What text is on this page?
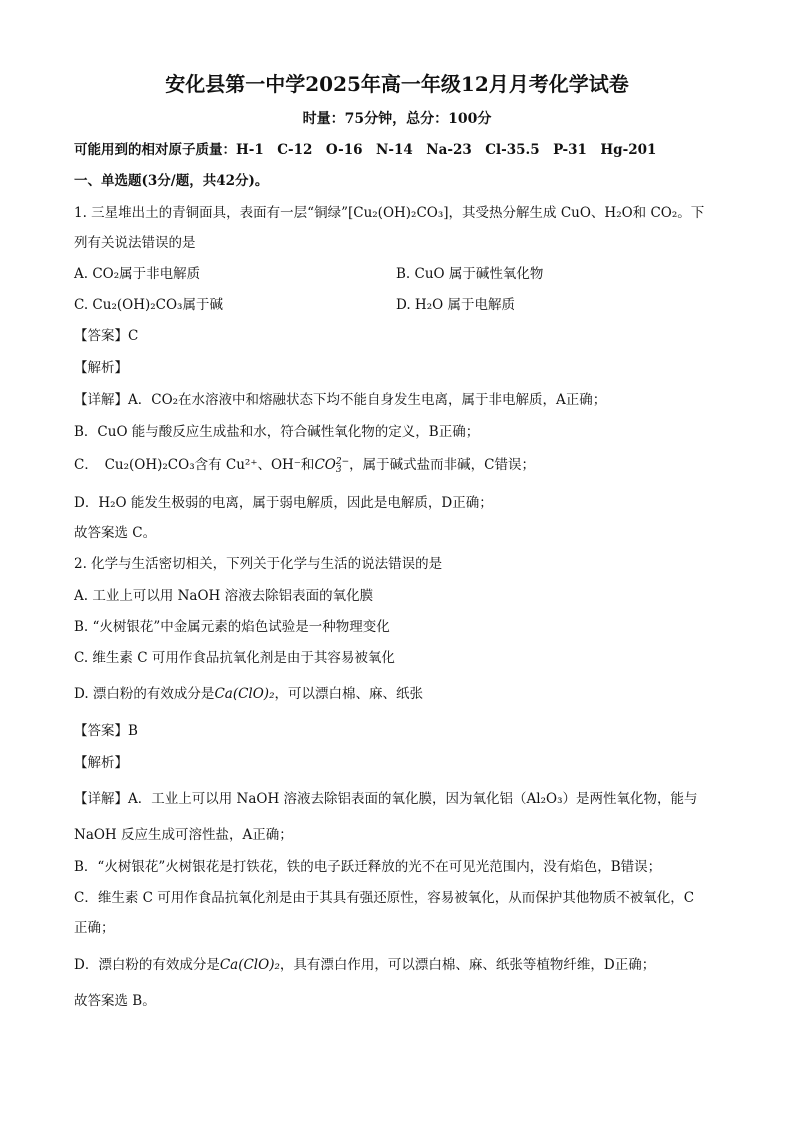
安化县第一中学2025年高一年级12月月考化学试卷
时量：75分钟，总分：100分
可能用到的相对原子质量：H-1　C-12　O-16　N-14　Na-23　Cl-35.5　P-31　Hg-201
一、单选题(3分/题，共42分)。
1. 三星堆出土的青铜面具，表面有一层“铜绿”[Cu₂(OH)₂CO₃]，其受热分解生成 CuO、H₂O和 CO₂。下
列有关说法错误的是
A. CO₂属于非电解质	B. CuO 属于碱性氧化物
C. Cu₂(OH)₂CO₃属于碱	D. H₂O 属于电解质
【答案】C
【解析】
【详解】A．CO₂在水溶液中和熔融状态下均不能自身发生电离，属于非电解质，A正确；
B．CuO 能与酸反应生成盐和水，符合碱性氧化物的定义，B正确；
C．　Cu₂(OH)₂CO₃含有 Cu²⁺、OH⁻和CO2−
3 ，属于碱式盐而非碱，C错误；
D．H₂O 能发生极弱的电离，属于弱电解质，因此是电解质，D正确；
故答案选 C。
2. 化学与生活密切相关，下列关于化学与生活的说法错误的是
A. 工业上可以用 NaOH 溶液去除铝表面的氧化膜
B. “火树银花”中金属元素的焰色试验是一种物理变化
C. 维生素 C 可用作食品抗氧化剂是由于其容易被氧化
D. 漂白粉的有效成分是Ca(ClO)₂，可以漂白棉、麻、纸张
【答案】B
【解析】
【详解】A．工业上可以用 NaOH 溶液去除铝表面的氧化膜，因为氧化铝（Al₂O₃）是两性氧化物，能与
NaOH 反应生成可溶性盐，A正确；
B．“火树银花”火树银花是打铁花，铁的电子跃迁释放的光不在可见光范围内，没有焰色，B错误；
C．维生素 C 可用作食品抗氧化剂是由于其具有强还原性，容易被氧化，从而保护其他物质不被氧化，C
正确；
D．漂白粉的有效成分是Ca(ClO)₂，具有漂白作用，可以漂白棉、麻、纸张等植物纤维，D正确；
故答案选 B。
